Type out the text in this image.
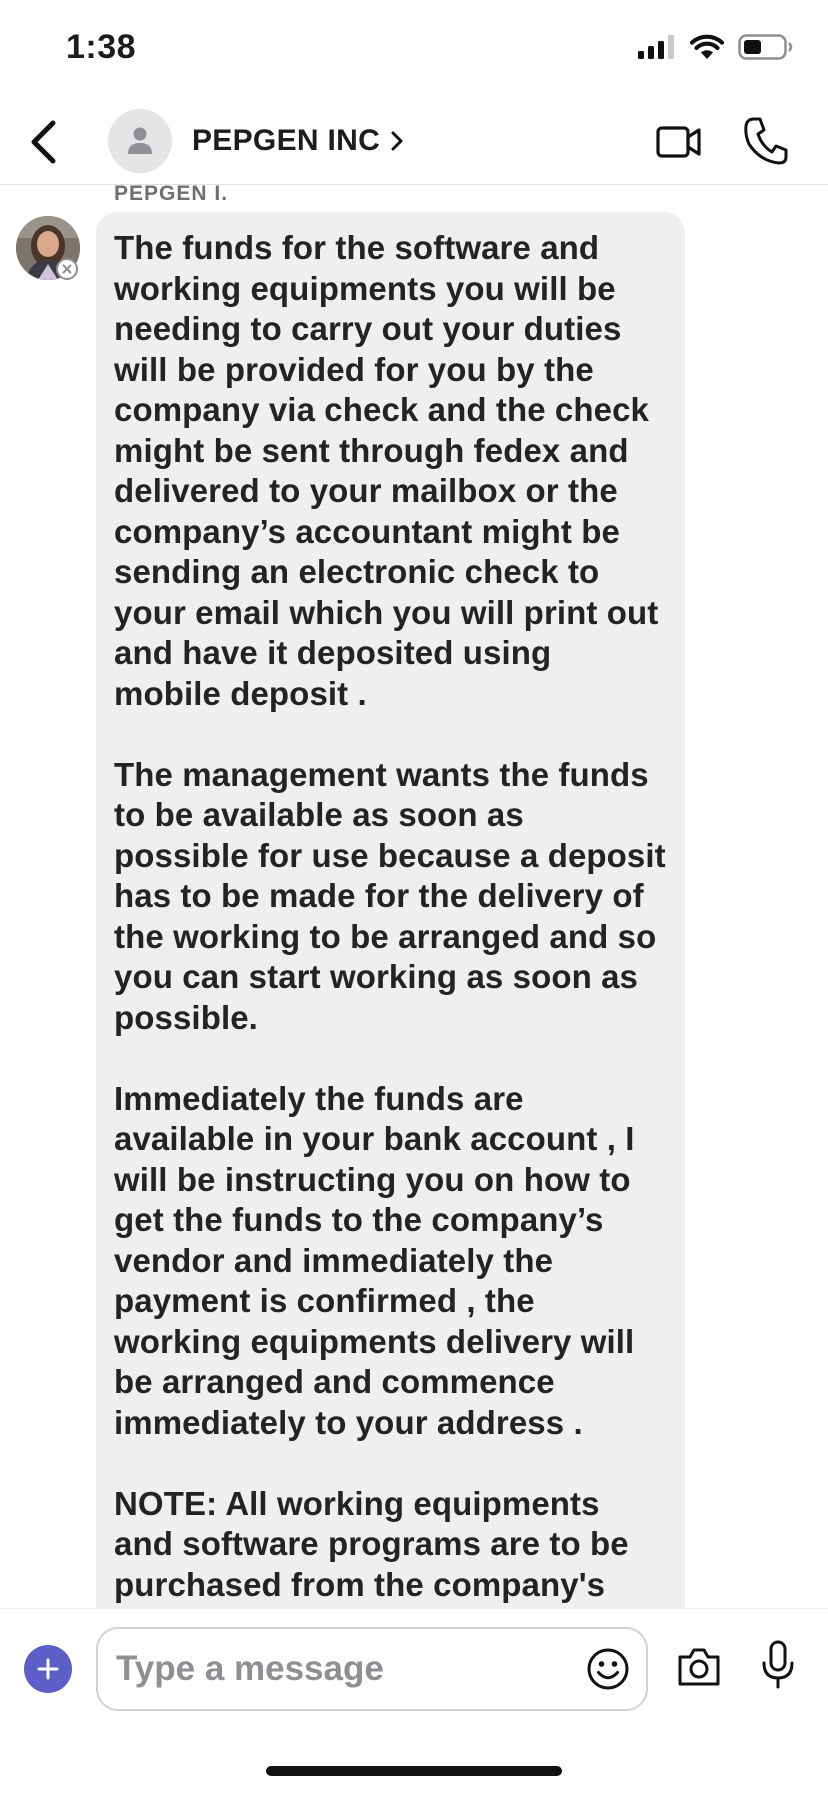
1:38
PEPGEN INC
PEPGEN I.

The funds for the software and working equipments you will be needing to carry out your duties will be provided for you by the company via check and the check might be sent through fedex and delivered to your mailbox or the company’s accountant might be sending an electronic check to your email which you will print out and have it deposited using mobile deposit .

The management wants the funds to be available as soon as possible for use because a deposit has to be made for the delivery of the working to be arranged and so you can start working as soon as possible.

Immediately the funds are available in your bank account , I will be instructing you on how to get the funds to the company’s vendor and immediately the payment is confirmed , the working equipments delivery will be arranged and commence immediately to your address .

NOTE: All working equipments and software programs are to be purchased from the company's

Type a message
